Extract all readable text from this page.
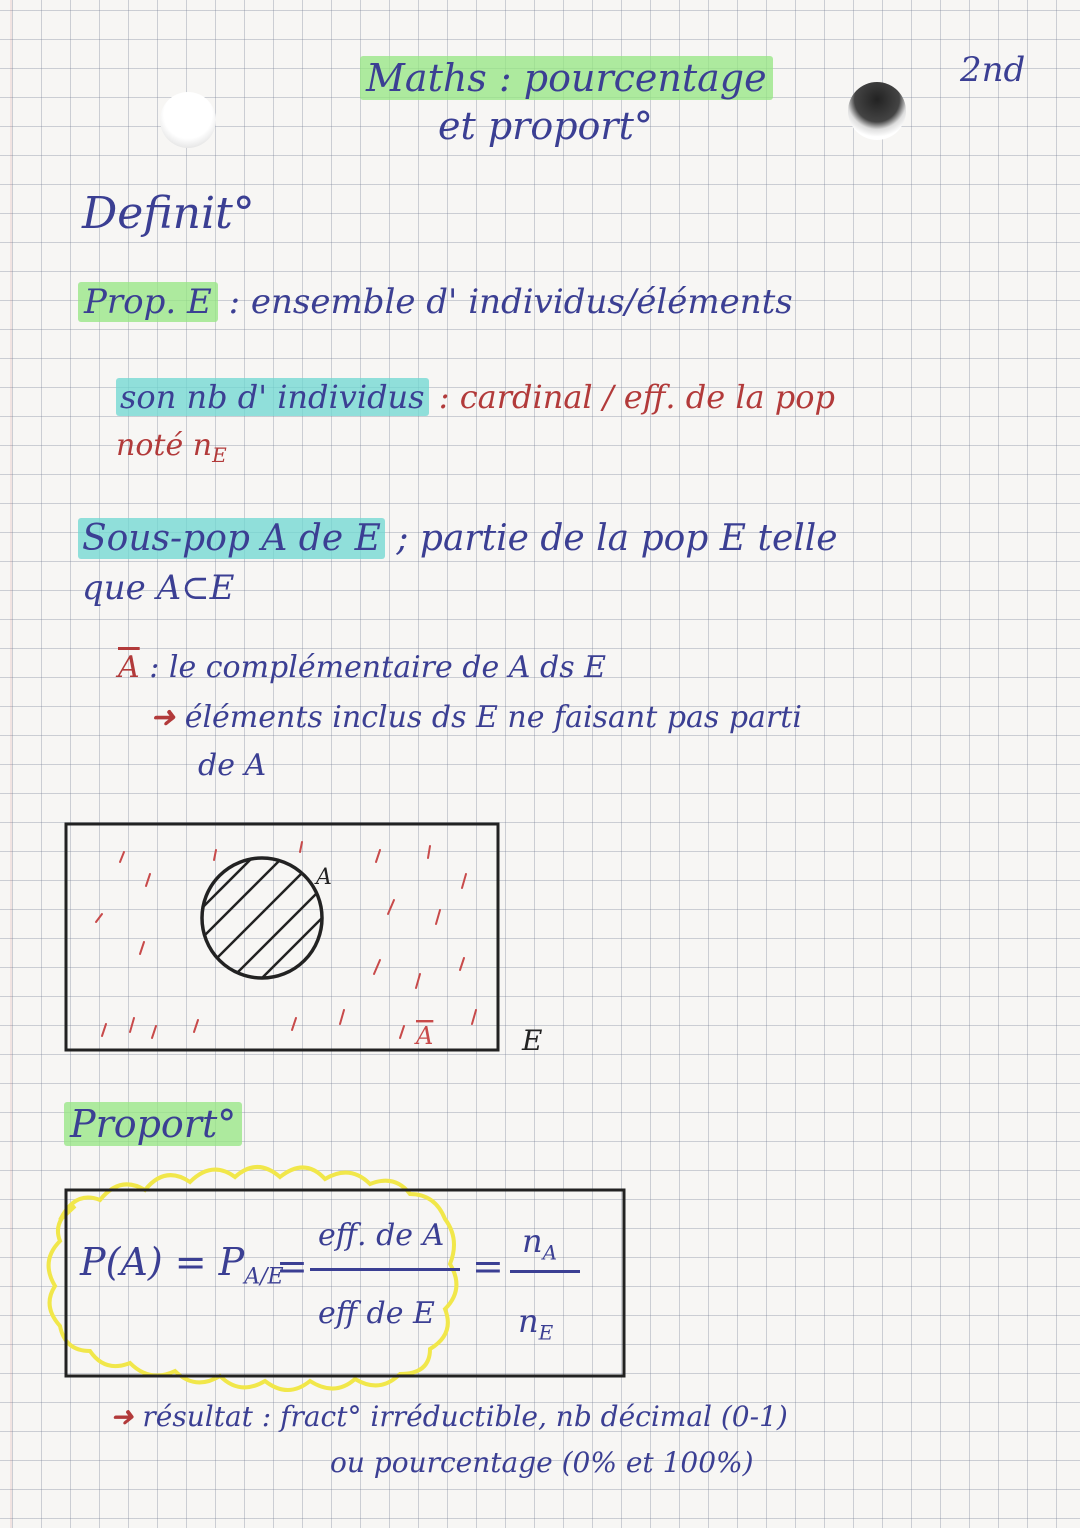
Maths : pourcentage
et proport°
2nd
Definit°
Prop. E : ensemble d' individus/éléments
son nb d' individus : cardinal / eff. de la pop
noté $n_E$
Sous-pop A de E ; partie de la pop E telle
que A⊂E
$\overline{A}$ : le complémentaire de A ds E
➜ éléments inclus ds E ne faisant pas parti
de A
A
A	E
Proport°
$P(A) = P_{A/E}$
=
eff. de A
eff de E
=
$n_A$
$n_E$
➜ résultat : fract° irréductible, nb décimal (0-1)
ou pourcentage (0% et 100%)
